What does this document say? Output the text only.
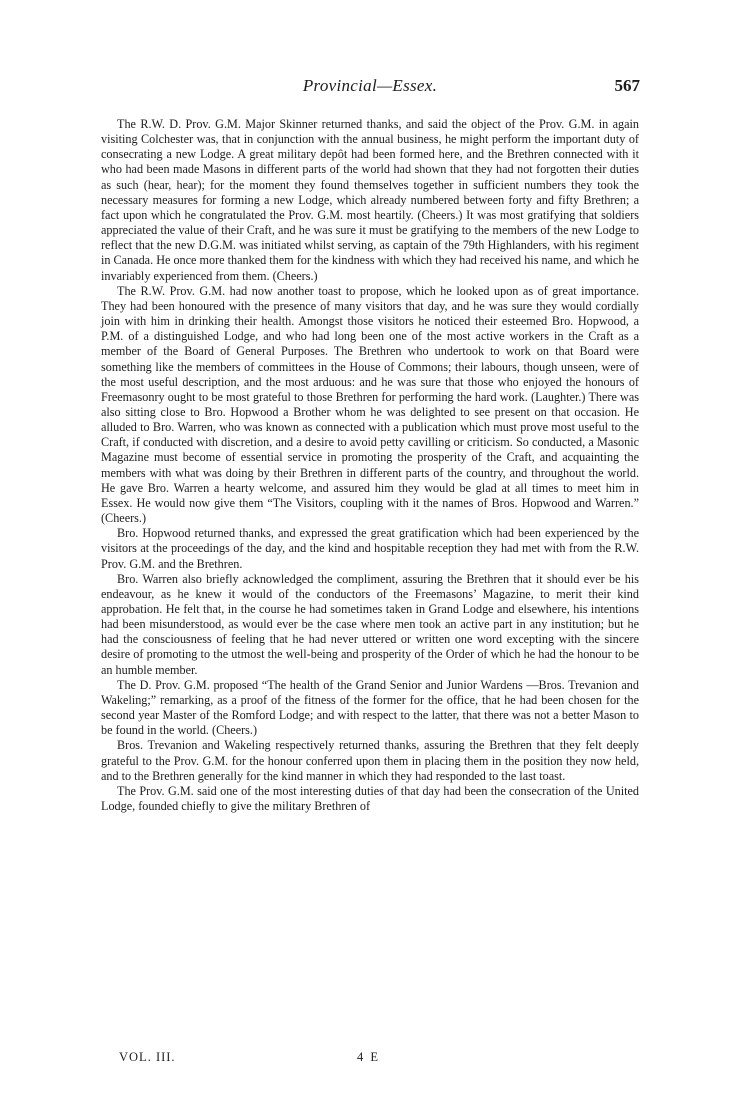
Provincial—Essex.	567

The R.W. D. Prov. G.M. Major Skinner returned thanks, and said the object of the Prov. G.M. in again visiting Colchester was, that in conjunction with the annual business, he might perform the important duty of consecrating a new Lodge. A great military depôt had been formed here, and the Brethren connected with it who had been made Masons in different parts of the world had shown that they had not forgotten their duties as such (hear, hear); for the moment they found themselves together in sufficient numbers they took the necessary measures for forming a new Lodge, which already numbered between forty and fifty Brethren; a fact upon which he congratulated the Prov. G.M. most heartily. (Cheers.) It was most gratifying that soldiers appreciated the value of their Craft, and he was sure it must be gratifying to the members of the new Lodge to reflect that the new D.G.M. was initiated whilst serving, as captain of the 79th Highlanders, with his regiment in Canada. He once more thanked them for the kindness with which they had received his name, and which he invariably experienced from them. (Cheers.)

The R.W. Prov. G.M. had now another toast to propose, which he looked upon as of great importance. They had been honoured with the presence of many visitors that day, and he was sure they would cordially join with him in drinking their health. Amongst those visitors he noticed their esteemed Bro. Hopwood, a P.M. of a distinguished Lodge, and who had long been one of the most active workers in the Craft as a member of the Board of General Purposes. The Brethren who undertook to work on that Board were something like the members of committees in the House of Commons; their labours, though unseen, were of the most useful description, and the most arduous: and he was sure that those who enjoyed the honours of Freemasonry ought to be most grateful to those Brethren for performing the hard work. (Laughter.) There was also sitting close to Bro. Hopwood a Brother whom he was delighted to see present on that occasion. He alluded to Bro. Warren, who was known as connected with a publication which must prove most useful to the Craft, if conducted with discretion, and a desire to avoid petty cavilling or criticism. So conducted, a Masonic Magazine must become of essential service in promoting the prosperity of the Craft, and acquainting the members with what was doing by their Brethren in different parts of the country, and throughout the world. He gave Bro. Warren a hearty welcome, and assured him they would be glad at all times to meet him in Essex. He would now give them “The Visitors, coupling with it the names of Bros. Hopwood and Warren.” (Cheers.)

Bro. Hopwood returned thanks, and expressed the great gratification which had been experienced by the visitors at the proceedings of the day, and the kind and hospitable reception they had met with from the R.W. Prov. G.M. and the Brethren.

Bro. Warren also briefly acknowledged the compliment, assuring the Brethren that it should ever be his endeavour, as he knew it would of the conductors of the Freemasons’ Magazine, to merit their kind approbation. He felt that, in the course he had sometimes taken in Grand Lodge and elsewhere, his intentions had been misunderstood, as would ever be the case where men took an active part in any institution; but he had the consciousness of feeling that he had never uttered or written one word excepting with the sincere desire of promoting to the utmost the well-being and prosperity of the Order of which he had the honour to be an humble member.

The D. Prov. G.M. proposed “The health of the Grand Senior and Junior Wardens —Bros. Trevanion and Wakeling;” remarking, as a proof of the fitness of the former for the office, that he had been chosen for the second year Master of the Romford Lodge; and with respect to the latter, that there was not a better Mason to be found in the world. (Cheers.)

Bros. Trevanion and Wakeling respectively returned thanks, assuring the Brethren that they felt deeply grateful to the Prov. G.M. for the honour conferred upon them in placing them in the position they now held, and to the Brethren generally for the kind manner in which they had responded to the last toast.

The Prov. G.M. said one of the most interesting duties of that day had been the consecration of the United Lodge, founded chiefly to give the military Brethren of

VOL. III.	4 E
